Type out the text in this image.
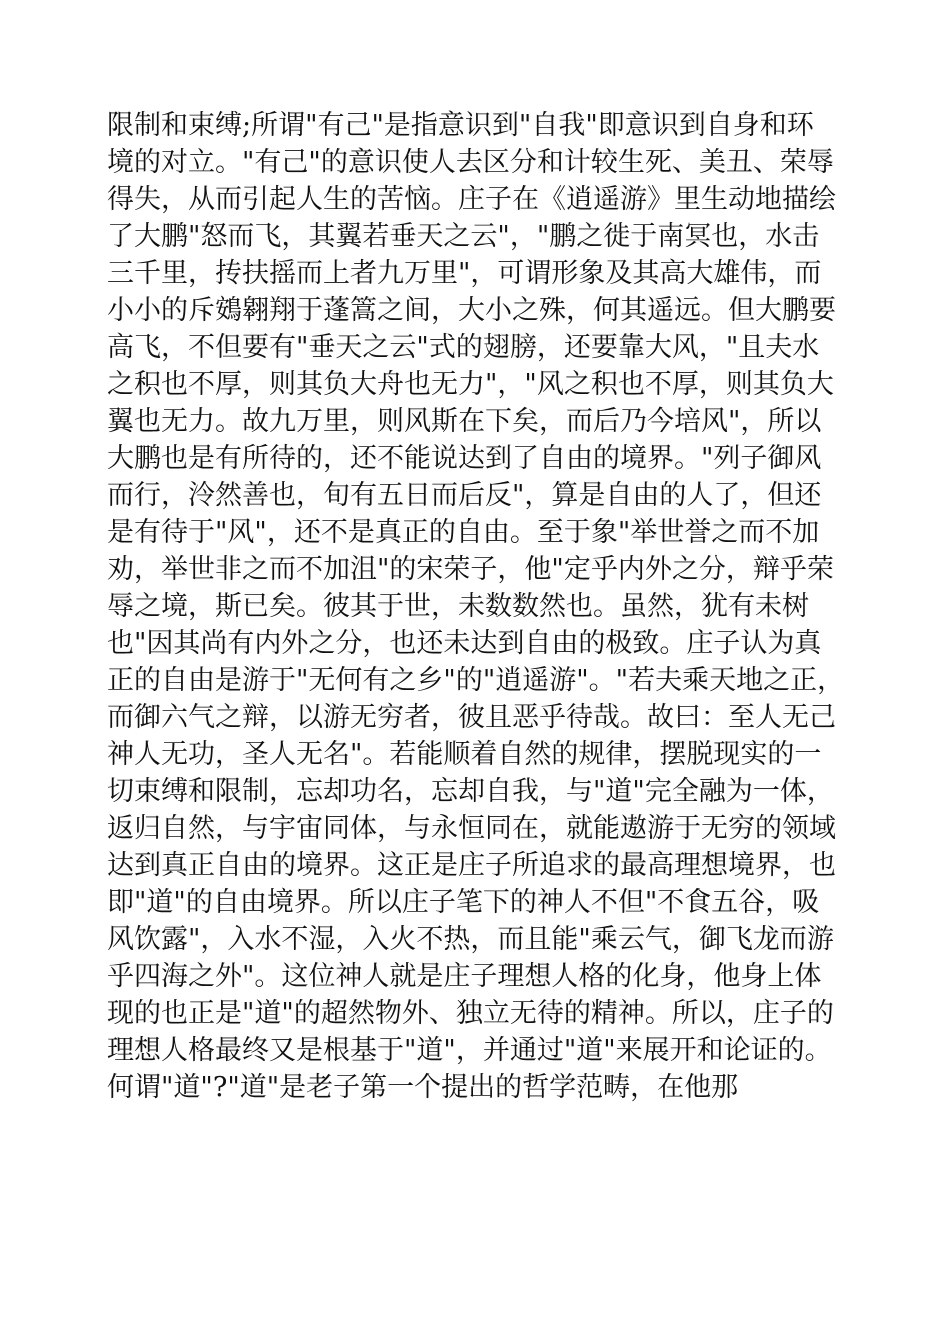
限制和束缚;所谓"有己"是指意识到"自我"即意识到自身和环
境的对立。"有己"的意识使人去区分和计较生死、美丑、荣辱
得失，从而引起人生的苦恼。庄子在《逍遥游》里生动地描绘
了大鹏"怒而飞，其翼若垂天之云"，"鹏之徙于南冥也，水击
三千里，抟扶摇而上者九万里"，可谓形象及其高大雄伟，而
小小的斥鴳翱翔于蓬篙之间，大小之殊，何其遥远。但大鹏要
高飞，不但要有"垂天之云"式的翅膀，还要靠大风，"且夫水
之积也不厚，则其负大舟也无力"，"风之积也不厚，则其负大
翼也无力。故九万里，则风斯在下矣，而后乃今培风"，所以
大鹏也是有所待的，还不能说达到了自由的境界。"列子御风
而行，泠然善也，旬有五日而后反"，算是自由的人了，但还
是有待于"风"，还不是真正的自由。至于象"举世誉之而不加
劝，举世非之而不加沮"的宋荣子，他"定乎内外之分，辩乎荣
辱之境，斯已矣。彼其于世，未数数然也。虽然，犹有未树
也"因其尚有内外之分，也还未达到自由的极致。庄子认为真
正的自由是游于"无何有之乡"的"逍遥游"。"若夫乘天地之正，
而御六气之辩，以游无穷者，彼且恶乎待哉。故曰：至人无己
神人无功，圣人无名"。若能顺着自然的规律，摆脱现实的一
切束缚和限制，忘却功名，忘却自我，与"道"完全融为一体，
返归自然，与宇宙同体，与永恒同在，就能遨游于无穷的领域
达到真正自由的境界。这正是庄子所追求的最高理想境界，也
即"道"的自由境界。所以庄子笔下的神人不但"不食五谷，吸
风饮露"，入水不湿，入火不热，而且能"乘云气，御飞龙而游
乎四海之外"。这位神人就是庄子理想人格的化身，他身上体
现的也正是"道"的超然物外、独立无待的精神。所以，庄子的
理想人格最终又是根基于"道"，并通过"道"来展开和论证的。
何谓"道"?"道"是老子第一个提出的哲学范畴，在他那
